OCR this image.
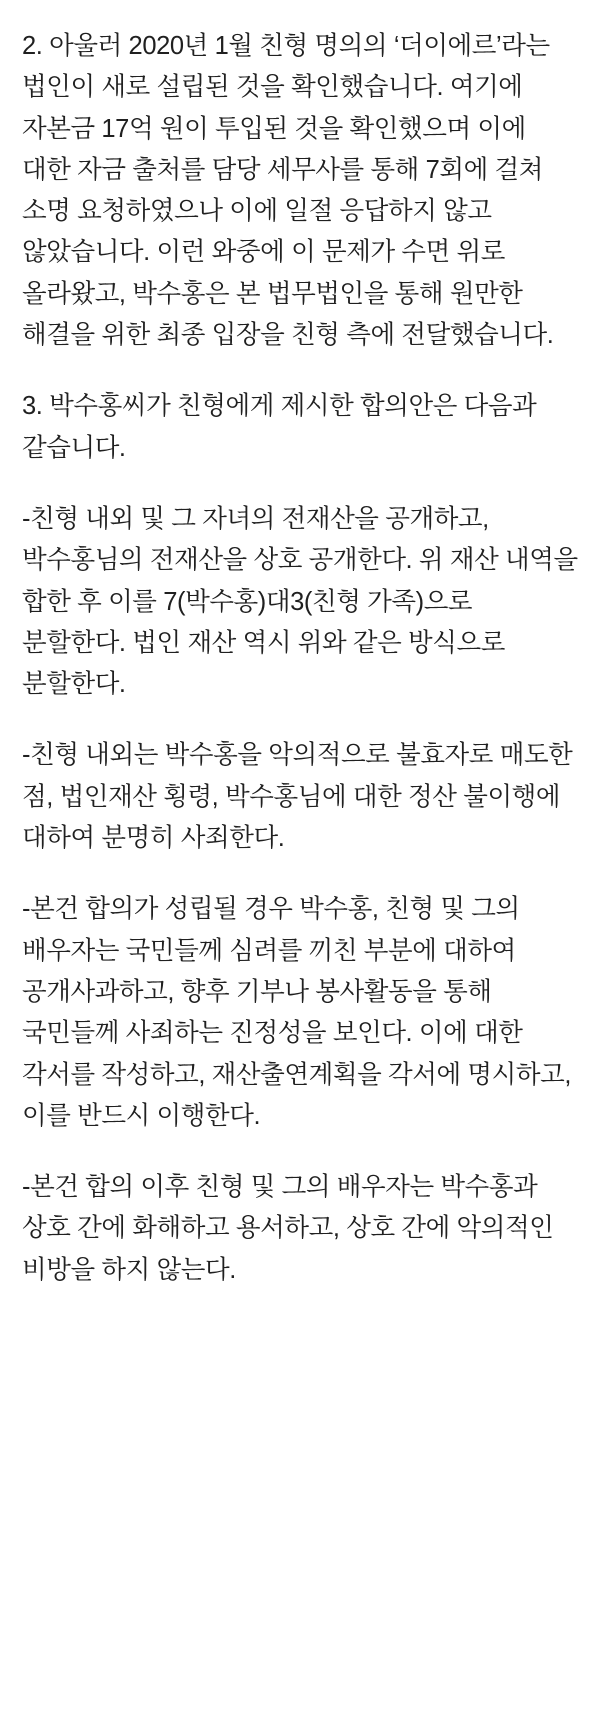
2. 아울러 2020년 1월 친형 명의의 ‘더이에르’라는 법인이 새로 설립된 것을 확인했습니다. 여기에 자본금 17억 원이 투입된 것을 확인했으며 이에 대한 자금 출처를 담당 세무사를 통해 7회에 걸쳐 소명 요청하였으나 이에 일절 응답하지 않고 않았습니다. 이런 와중에 이 문제가 수면 위로 올라왔고, 박수홍은 본 법무법인을 통해 원만한 해결을 위한 최종 입장을 친형 측에 전달했습니다.

3. 박수홍씨가 친형에게 제시한 합의안은 다음과 같습니다.

-친형 내외 및 그 자녀의 전재산을 공개하고, 박수홍님의 전재산을 상호 공개한다. 위 재산 내역을 합한 후 이를 7(박수홍)대3(친형 가족)으로 분할한다. 법인 재산 역시 위와 같은 방식으로 분할한다.

-친형 내외는 박수홍을 악의적으로 불효자로 매도한 점, 법인재산 횡령, 박수홍님에 대한 정산 불이행에 대하여 분명히 사죄한다.

-본건 합의가 성립될 경우 박수홍, 친형 및 그의 배우자는 국민들께 심려를 끼친 부분에 대하여 공개사과하고, 향후 기부나 봉사활동을 통해 국민들께 사죄하는 진정성을 보인다. 이에 대한 각서를 작성하고, 재산출연계획을 각서에 명시하고, 이를 반드시 이행한다.

-본건 합의 이후 친형 및 그의 배우자는 박수홍과 상호 간에 화해하고 용서하고, 상호 간에 악의적인 비방을 하지 않는다.
